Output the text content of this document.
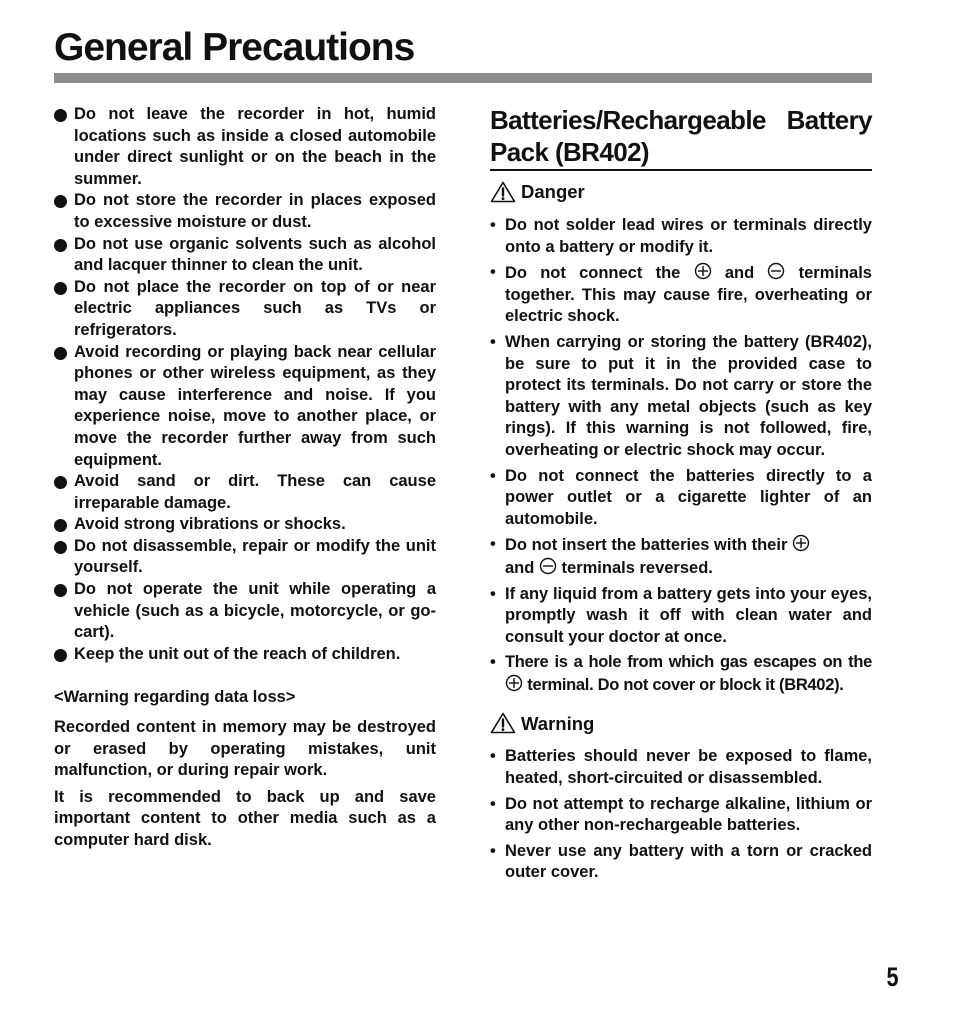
General Precautions
Do not leave the recorder in hot, humid locations such as inside a closed automobile under direct sunlight or on the beach in the summer.
Do not store the recorder in places exposed to excessive moisture or dust.
Do not use organic solvents such as alcohol and lacquer thinner to clean the unit.
Do not place the recorder on top of or near electric appliances such as TVs or refrigerators.
Avoid recording or playing back near cellular phones or other wireless equipment, as they may cause interference and noise. If you experience noise, move to another place, or move the recorder further away from such equipment.
Avoid sand or dirt. These can cause irreparable damage.
Avoid strong vibrations or shocks.
Do not disassemble, repair or modify the unit yourself.
Do not operate the unit while operating a vehicle (such as a bicycle, motorcycle, or go-cart).
Keep the unit out of the reach of children.
<Warning regarding data loss>

Recorded content in memory may be destroyed or erased by operating mistakes, unit malfunction, or during repair work.

It is recommended to back up and save important content to other media such as a computer hard disk.

Batteries/Rechargeable Battery Pack (BR402)
Danger
• Do not solder lead wires or terminals directly onto a battery or modify it.
• Do not connect the	and	terminals together. This may cause fire, overheating or electric shock.
• When carrying or storing the battery (BR402), be sure to put it in the provided case to protect its terminals. Do not carry or store the battery with any metal objects (such as key rings). If this warning is not followed, fire, overheating or electric shock may occur.
• Do not connect the batteries directly to a power outlet or a cigarette lighter of an automobile.
• Do not insert the batteries with their
and terminals reversed.
• If any liquid from a battery gets into your eyes, promptly wash it off with clean water and consult your doctor at once.
• There is a hole from which gas escapes on the  terminal. Do not cover or block it (BR402).
Warning
• Batteries should never be exposed to flame, heated, short-circuited or disassembled.
• Do not attempt to recharge alkaline, lithium or any other non-rechargeable batteries.
• Never use any battery with a torn or cracked outer cover.
5
